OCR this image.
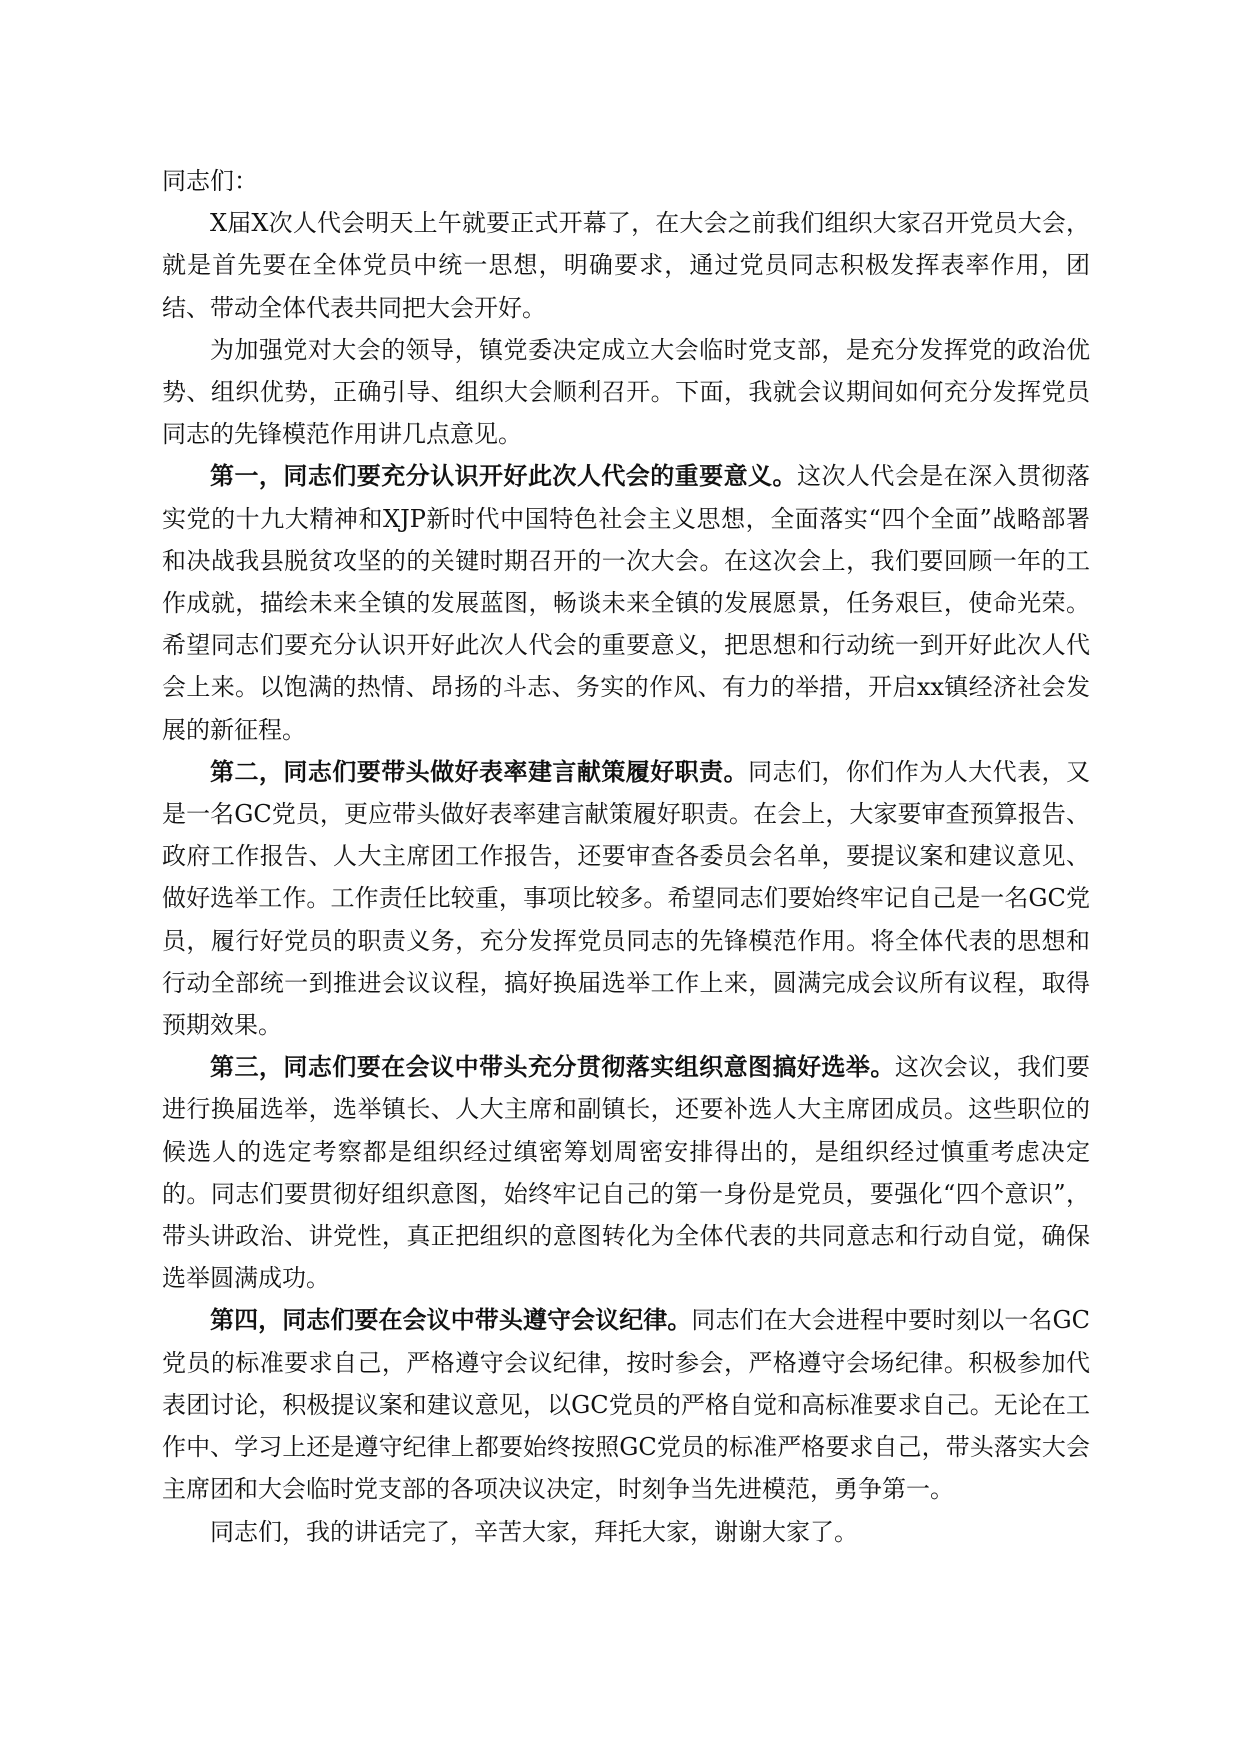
同志们：

X届X次人代会明天上午就要正式开幕了，在大会之前我们组织大家召开党员大会，就是首先要在全体党员中统一思想，明确要求，通过党员同志积极发挥表率作用，团结、带动全体代表共同把大会开好。

为加强党对大会的领导，镇党委决定成立大会临时党支部，是充分发挥党的政治优势、组织优势，正确引导、组织大会顺利召开。下面，我就会议期间如何充分发挥党员同志的先锋模范作用讲几点意见。

第一，同志们要充分认识开好此次人代会的重要意义。这次人代会是在深入贯彻落实党的十九大精神和XJP新时代中国特色社会主义思想，全面落实“四个全面”战略部署和决战我县脱贫攻坚的的关键时期召开的一次大会。在这次会上，我们要回顾一年的工作成就，描绘未来全镇的发展蓝图，畅谈未来全镇的发展愿景，任务艰巨，使命光荣。希望同志们要充分认识开好此次人代会的重要意义，把思想和行动统一到开好此次人代会上来。以饱满的热情、昂扬的斗志、务实的作风、有力的举措，开启xx镇经济社会发展的新征程。

第二，同志们要带头做好表率建言献策履好职责。同志们，你们作为人大代表，又是一名GC党员，更应带头做好表率建言献策履好职责。在会上，大家要审查预算报告、政府工作报告、人大主席团工作报告，还要审查各委员会名单，要提议案和建议意见、做好选举工作。工作责任比较重，事项比较多。希望同志们要始终牢记自己是一名GC党员，履行好党员的职责义务，充分发挥党员同志的先锋模范作用。将全体代表的思想和行动全部统一到推进会议议程，搞好换届选举工作上来，圆满完成会议所有议程，取得预期效果。

第三，同志们要在会议中带头充分贯彻落实组织意图搞好选举。这次会议，我们要进行换届选举，选举镇长、人大主席和副镇长，还要补选人大主席团成员。这些职位的候选人的选定考察都是组织经过缜密筹划周密安排得出的，是组织经过慎重考虑决定的。同志们要贯彻好组织意图，始终牢记自己的第一身份是党员，要强化“四个意识”，带头讲政治、讲党性，真正把组织的意图转化为全体代表的共同意志和行动自觉，确保选举圆满成功。

第四，同志们要在会议中带头遵守会议纪律。同志们在大会进程中要时刻以一名GC党员的标准要求自己，严格遵守会议纪律，按时参会，严格遵守会场纪律。积极参加代表团讨论，积极提议案和建议意见，以GC党员的严格自觉和高标准要求自己。无论在工作中、学习上还是遵守纪律上都要始终按照GC党员的标准严格要求自己，带头落实大会主席团和大会临时党支部的各项决议决定，时刻争当先进模范，勇争第一。

同志们，我的讲话完了，辛苦大家，拜托大家，谢谢大家了。
